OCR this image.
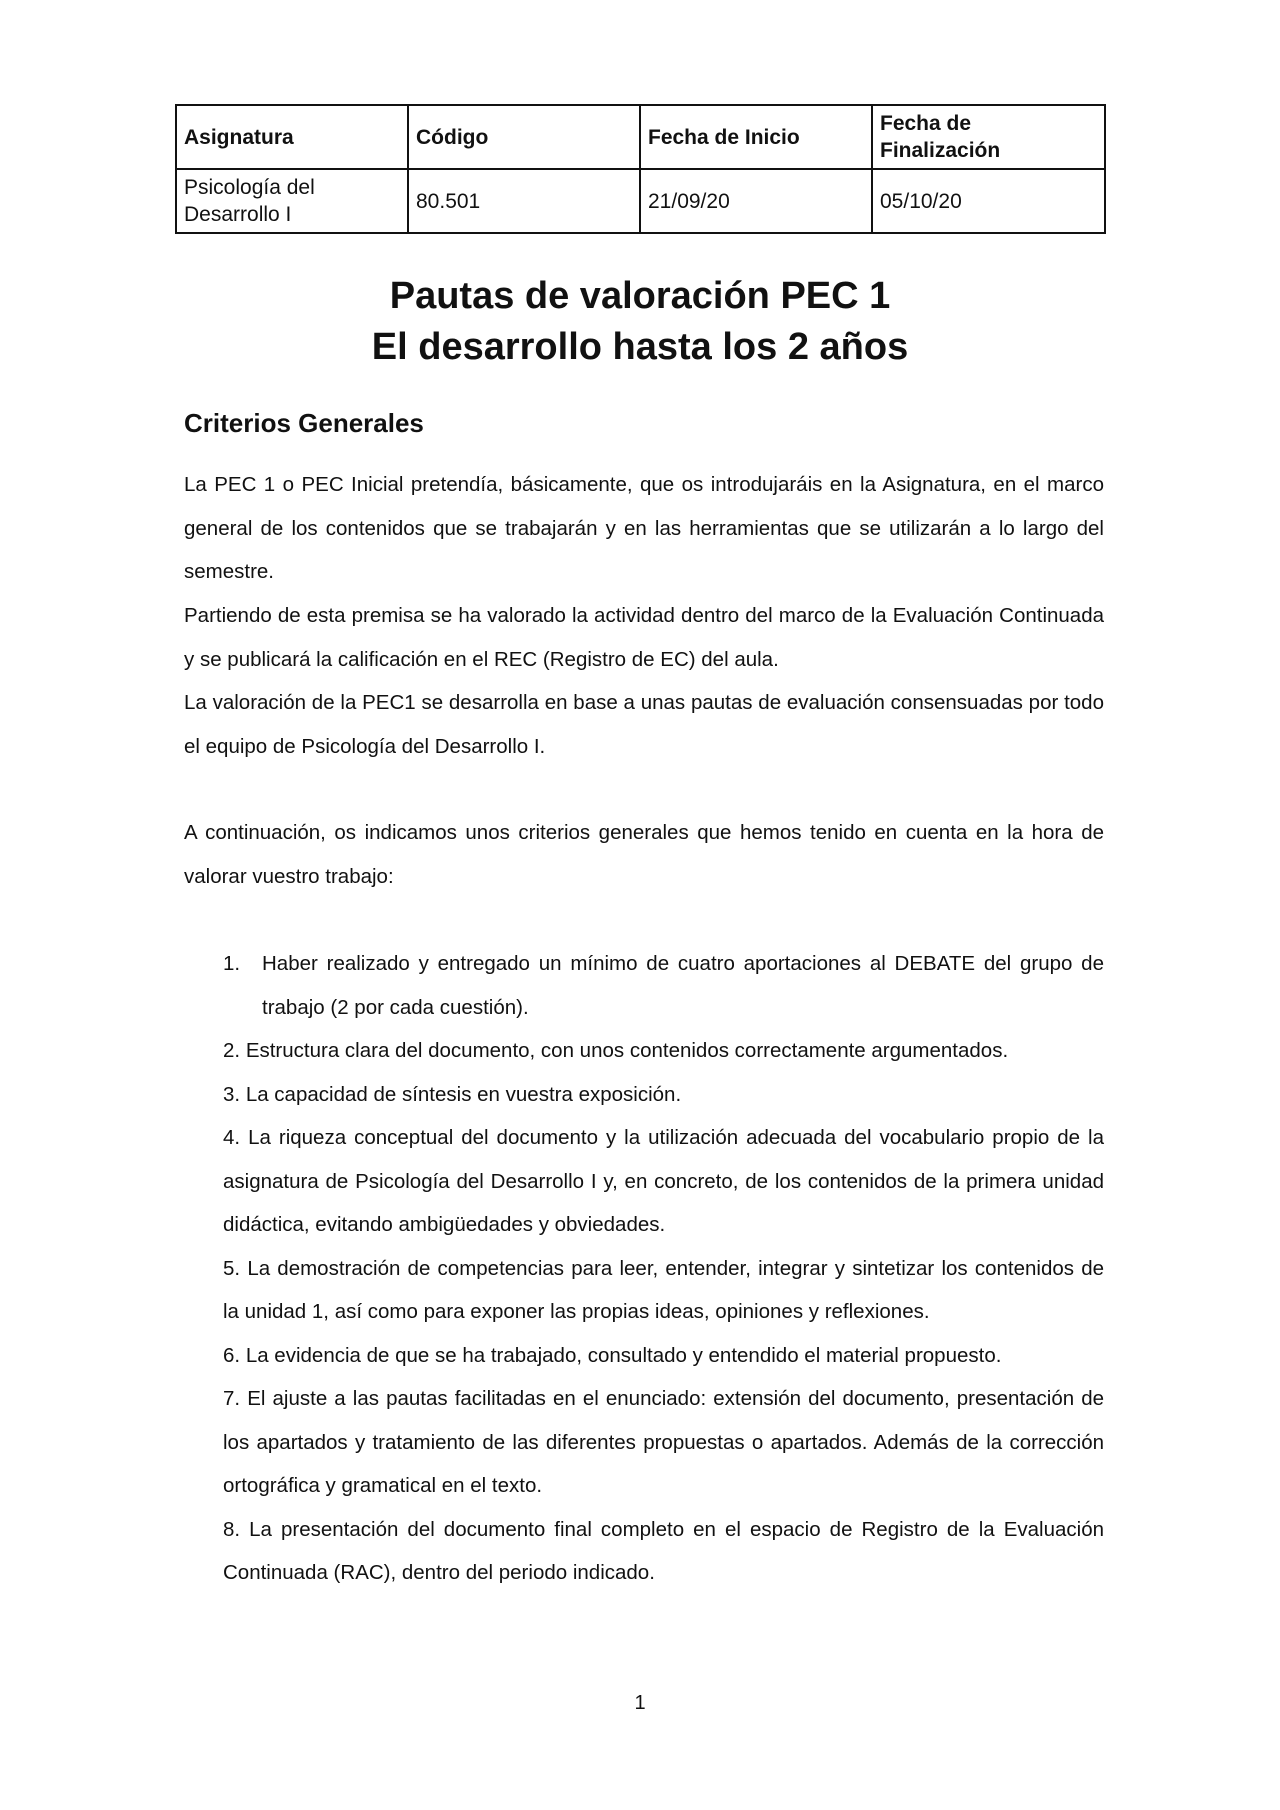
Asignatura	Código	Fecha de Inicio	Fecha de Finalización
Psicología del Desarrollo I	80.501	21/09/20	05/10/20
Pautas de valoración PEC 1
El desarrollo hasta los 2 años
Criterios Generales

La PEC 1 o PEC Inicial pretendía, básicamente, que os introdujaráis en la Asignatura, en el marco general de los contenidos que se trabajarán y en las herramientas que se utilizarán a lo largo del semestre.

Partiendo de esta premisa se ha valorado la actividad dentro del marco de la Evaluación Continuada y se publicará la calificación en el REC (Registro de EC) del aula.

La valoración de la PEC1 se desarrolla en base a unas pautas de evaluación consensuadas por todo el equipo de Psicología del Desarrollo I.

A continuación, os indicamos unos criterios generales que hemos tenido en cuenta en la hora de valorar vuestro trabajo:

1. Haber realizado y entregado un mínimo de cuatro aportaciones al DEBATE del grupo de trabajo (2 por cada cuestión).
2. Estructura clara del documento, con unos contenidos correctamente argumentados.
3. La capacidad de síntesis en vuestra exposición.
4. La riqueza conceptual del documento y la utilización adecuada del vocabulario propio de la asignatura de Psicología del Desarrollo I y, en concreto, de los contenidos de la primera unidad didáctica, evitando ambigüedades y obviedades.
5. La demostración de competencias para leer, entender, integrar y sintetizar los contenidos de la unidad 1, así como para exponer las propias ideas, opiniones y reflexiones.
6. La evidencia de que se ha trabajado, consultado y entendido el material propuesto.
7. El ajuste a las pautas facilitadas en el enunciado: extensión del documento, presentación de los apartados y tratamiento de las diferentes propuestas o apartados. Además de la corrección ortográfica y gramatical en el texto.
8. La presentación del documento final completo en el espacio de Registro de la Evaluación Continuada (RAC), dentro del periodo indicado.
1
